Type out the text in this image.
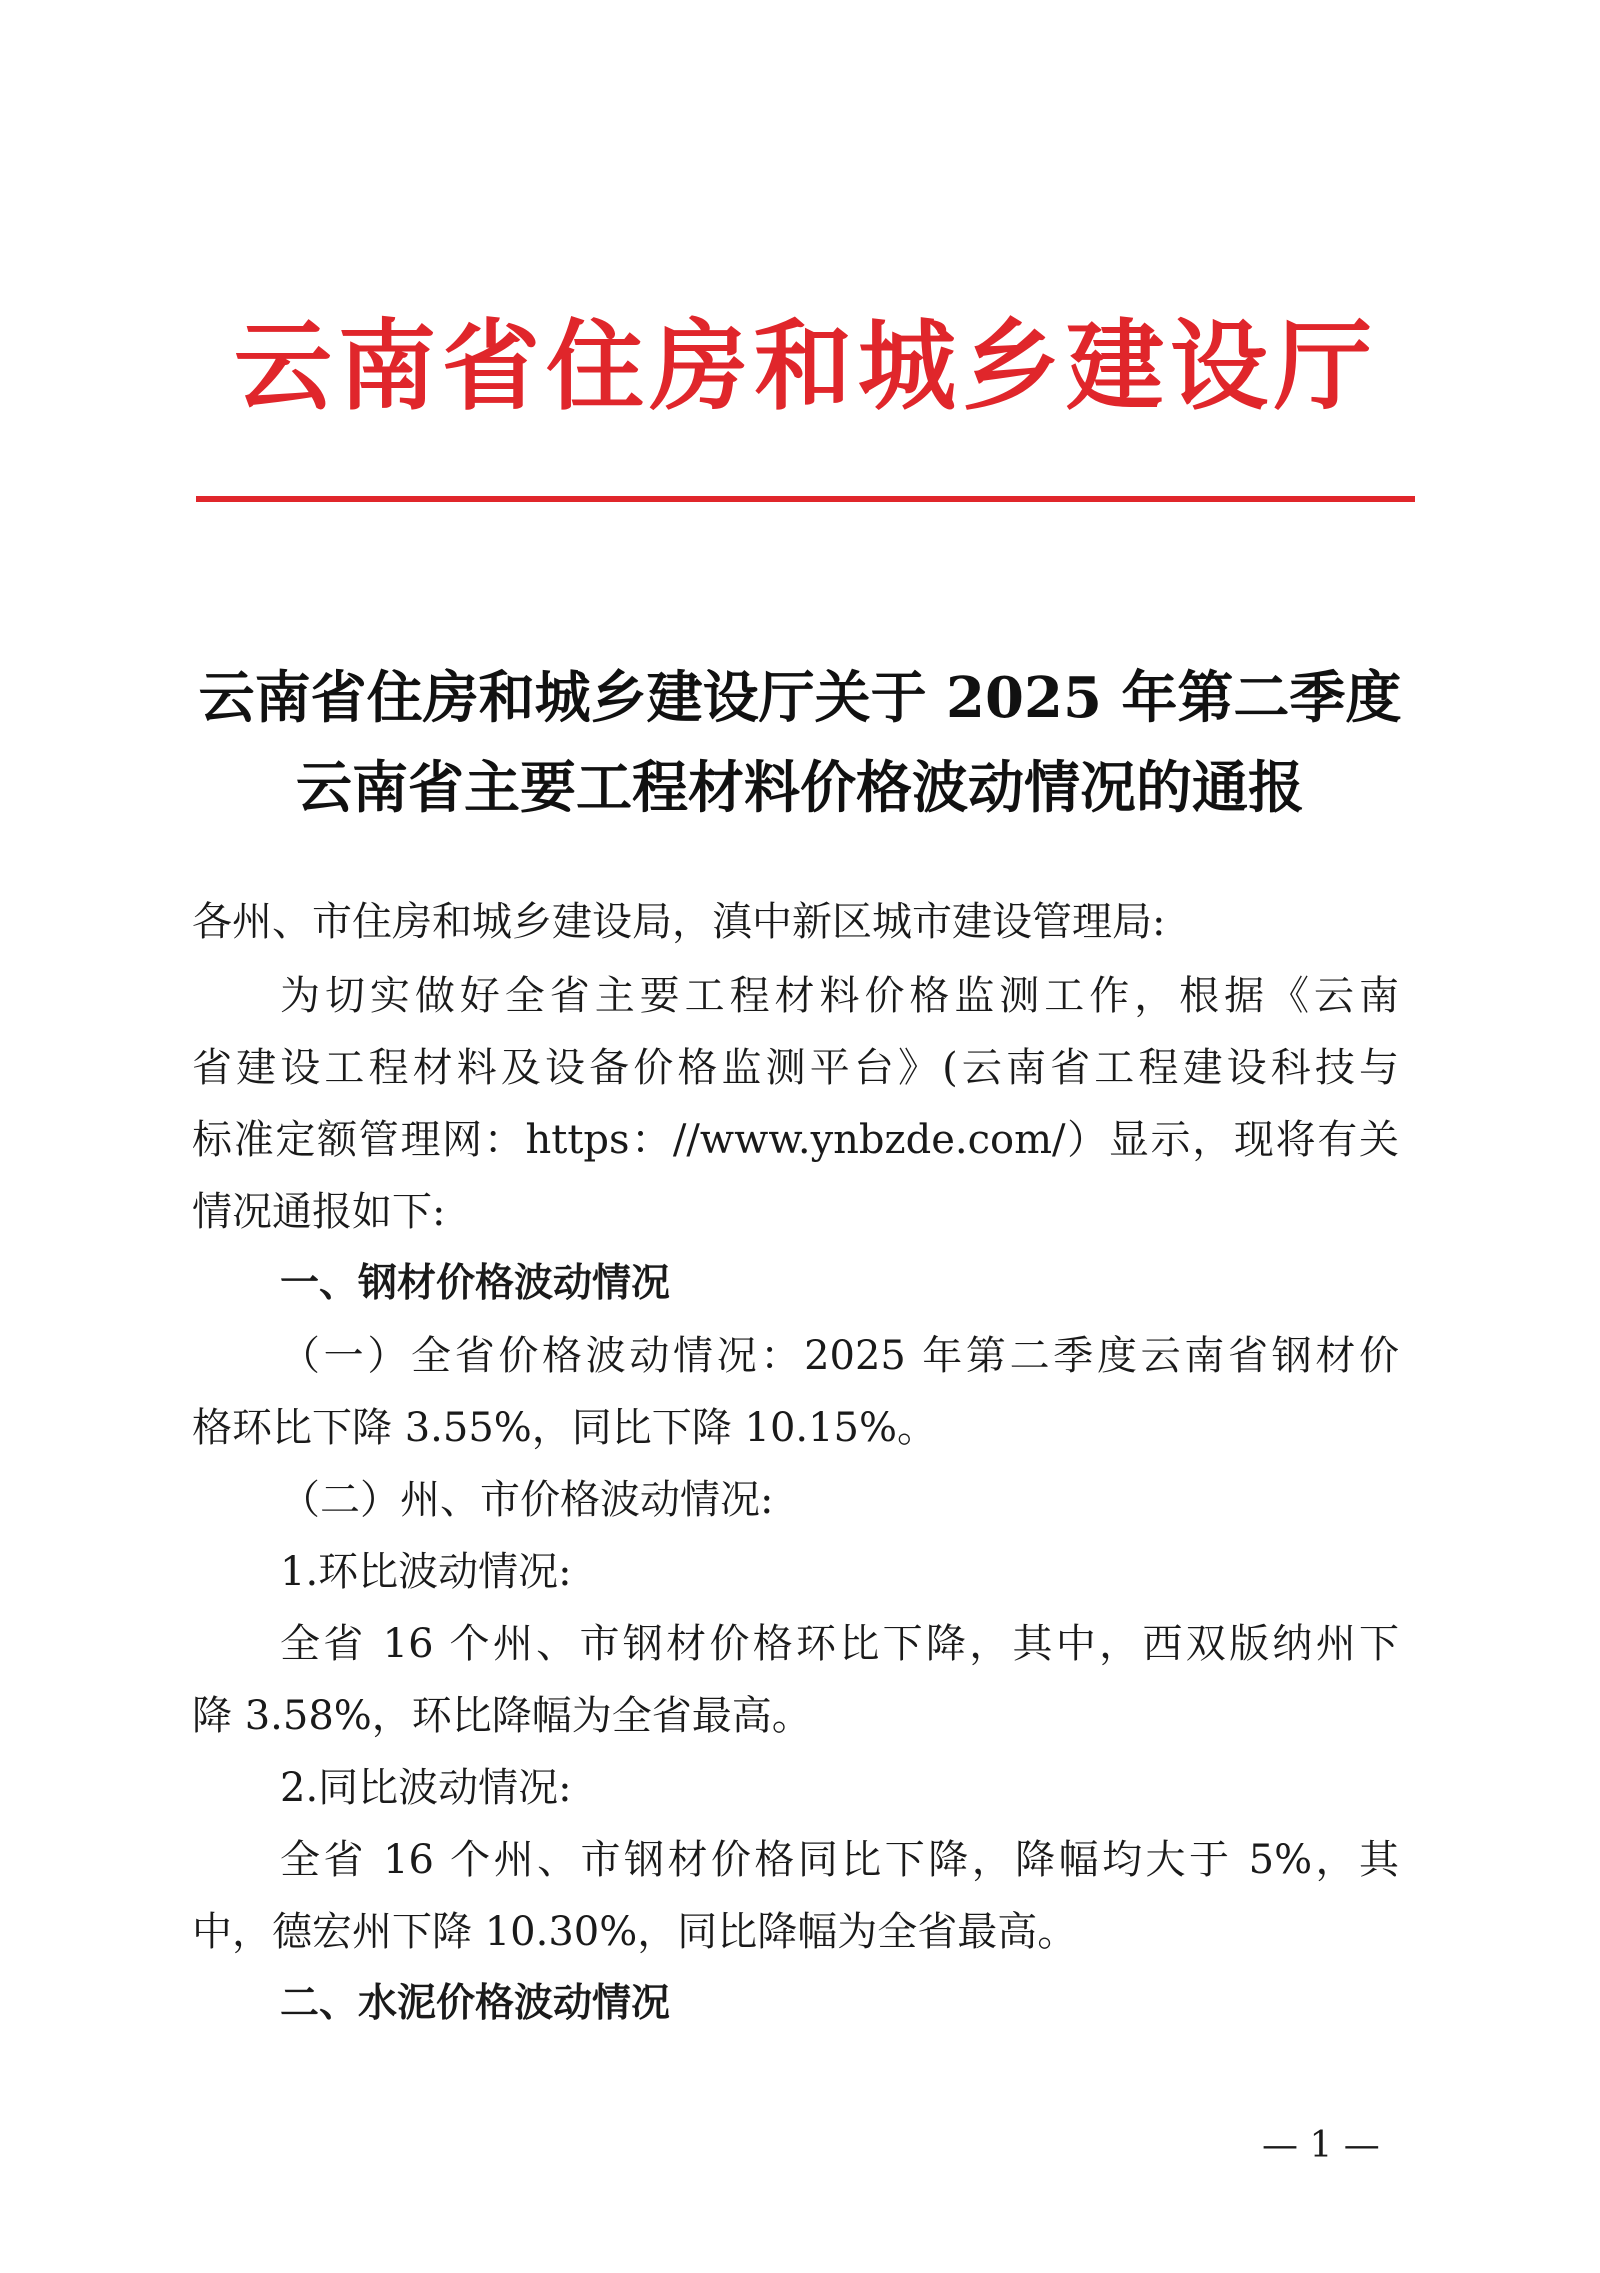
云南省住房和城乡建设厅
云南省住房和城乡建设厅关于 2025 年第二季度
云南省主要工程材料价格波动情况的通报
各州、市住房和城乡建设局，滇中新区城市建设管理局:
为切实做好全省主要工程材料价格监测工作，根据《云南
省建设工程材料及设备价格监测平台》(云南省工程建设科技与
标准定额管理网：https：//www.ynbzde.com/）显示，现将有关
情况通报如下:
一、钢材价格波动情况
（一）全省价格波动情况：2025 年第二季度云南省钢材价
格环比下降 3.55%，同比下降 10.15%。
（二）州、市价格波动情况:
1.环比波动情况:
全省 16 个州、市钢材价格环比下降，其中，西双版纳州下
降 3.58%，环比降幅为全省最高。
2.同比波动情况:
全省 16 个州、市钢材价格同比下降，降幅均大于 5%，其
中，德宏州下降 10.30%，同比降幅为全省最高。
二、水泥价格波动情况
— 1 —
